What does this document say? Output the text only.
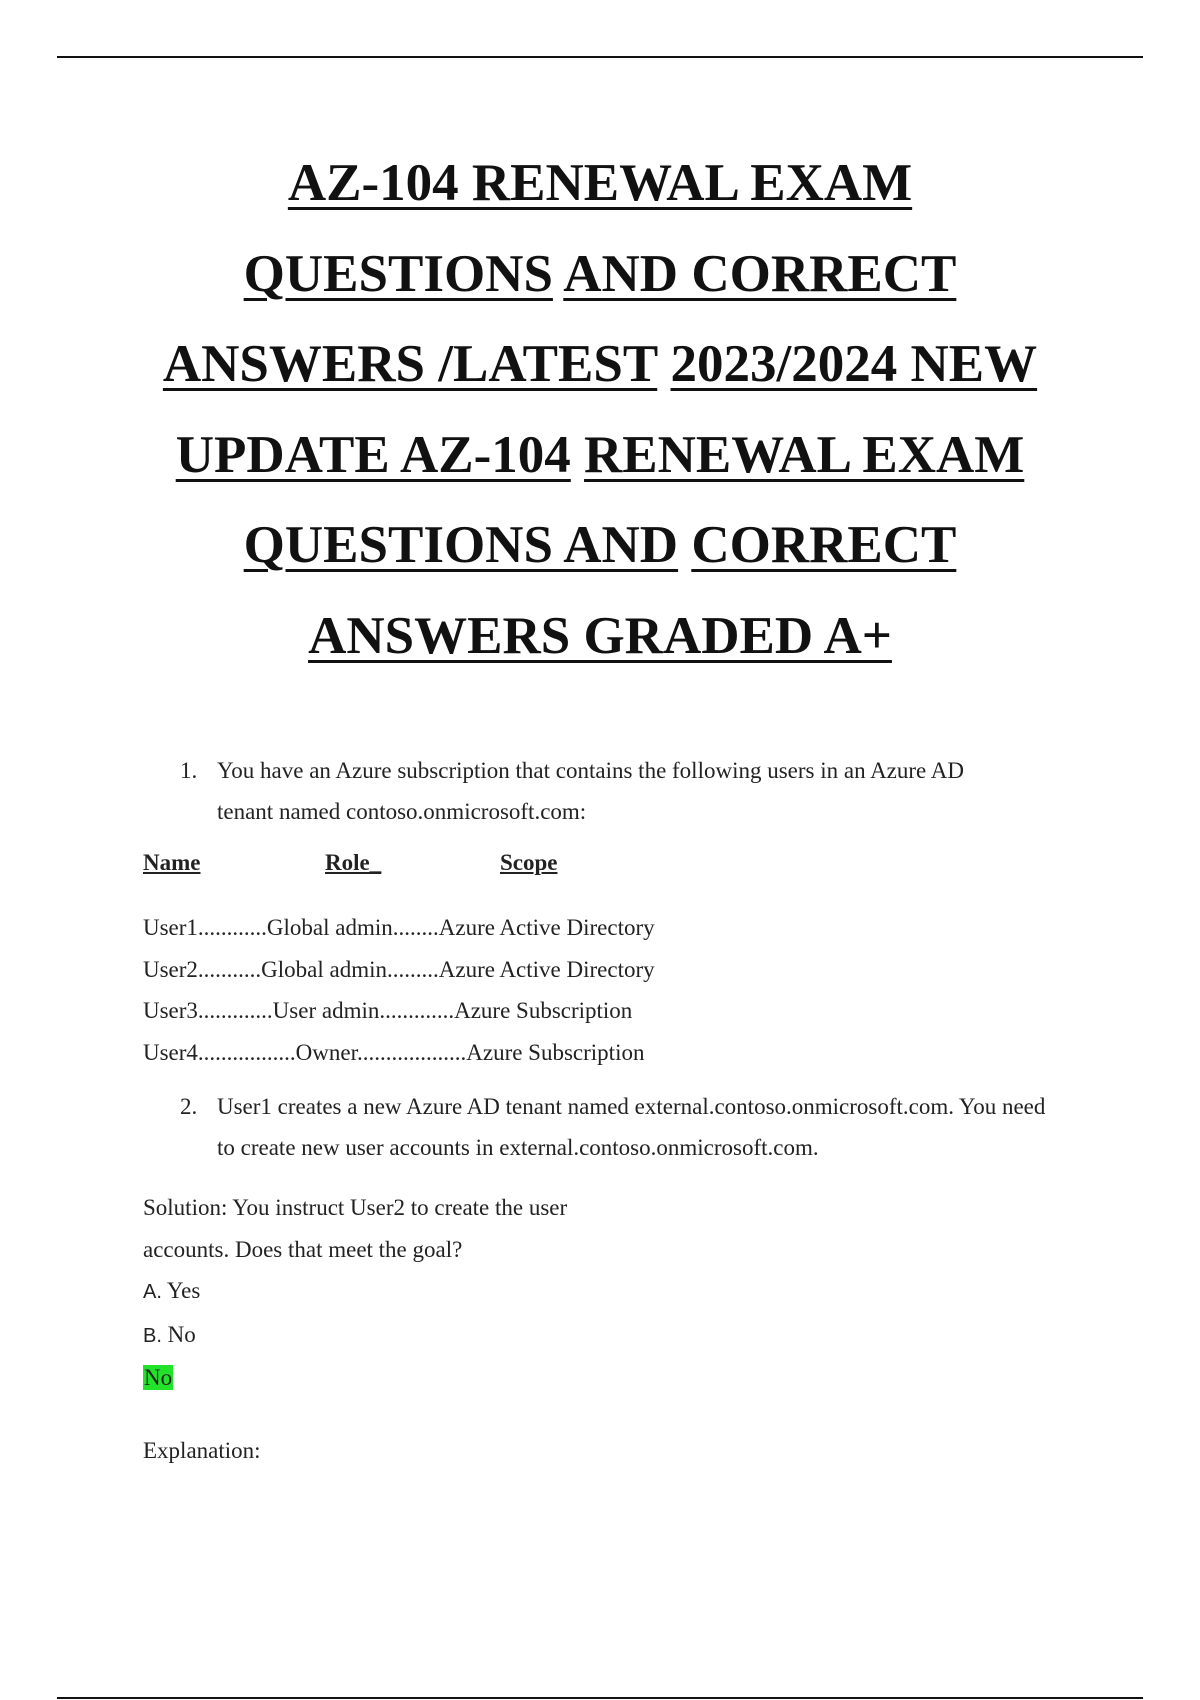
AZ-104 RENEWAL EXAM
QUESTIONS AND CORRECT
ANSWERS /LATEST 2023/2024 NEW
UPDATE AZ-104 RENEWAL EXAM
QUESTIONS AND CORRECT
ANSWERS GRADED A+
1. You have an Azure subscription that contains the following users in an Azure AD
tenant named contoso.onmicrosoft.com:
Name	Role_	Scope
User1............Global admin........Azure Active Directory
User2...........Global admin.........Azure Active Directory
User3.............User admin.............Azure Subscription
User4.................Owner...................Azure Subscription
2. User1 creates a new Azure AD tenant named external.contoso.onmicrosoft.com. You need
to create new user accounts in external.contoso.onmicrosoft.com.
Solution: You instruct User2 to create the user
accounts. Does that meet the goal?
A. Yes
B. No
No
Explanation:
